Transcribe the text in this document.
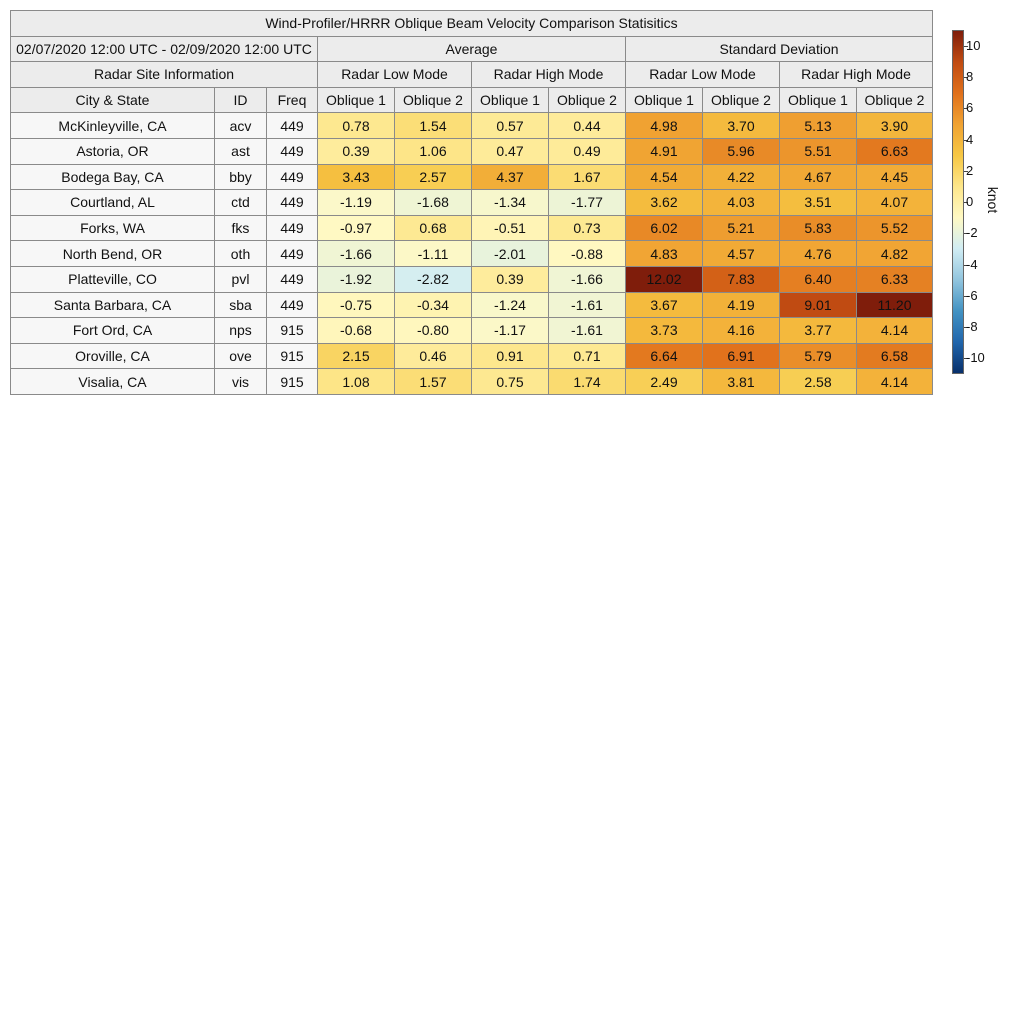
Wind-Profiler/HRRR Oblique Beam Velocity Comparison Statisitics										
02/07/2020 12:00 UTC - 02/09/2020 12:00 UTC			Average				Standard Deviation			
Radar Site Information			Radar Low Mode		Radar High Mode		Radar Low Mode		Radar High Mode	
City & State	ID	Freq	Oblique 1	Oblique 2	Oblique 1	Oblique 2	Oblique 1	Oblique 2	Oblique 1	Oblique 2
McKinleyville, CA	acv	449	0.78	1.54	0.57	0.44	4.98	3.70	5.13	3.90
Astoria, OR	ast	449	0.39	1.06	0.47	0.49	4.91	5.96	5.51	6.63
Bodega Bay, CA	bby	449	3.43	2.57	4.37	1.67	4.54	4.22	4.67	4.45
Courtland, AL	ctd	449	-1.19	-1.68	-1.34	-1.77	3.62	4.03	3.51	4.07
Forks, WA	fks	449	-0.97	0.68	-0.51	0.73	6.02	5.21	5.83	5.52
North Bend, OR	oth	449	-1.66	-1.11	-2.01	-0.88	4.83	4.57	4.76	4.82
Platteville, CO	pvl	449	-1.92	-2.82	0.39	-1.66	12.02	7.83	6.40	6.33
Santa Barbara, CA	sba	449	-0.75	-0.34	-1.24	-1.61	3.67	4.19	9.01	11.20
Fort Ord, CA	nps	915	-0.68	-0.80	-1.17	-1.61	3.73	4.16	3.77	4.14
Oroville, CA	ove	915	2.15	0.46	0.91	0.71	6.64	6.91	5.79	6.58
Visalia, CA	vis	915	1.08	1.57	0.75	1.74	2.49	3.81	2.58	4.14
10
8
6
4
2
0
-2
-4
-6
-8
-10
knot
